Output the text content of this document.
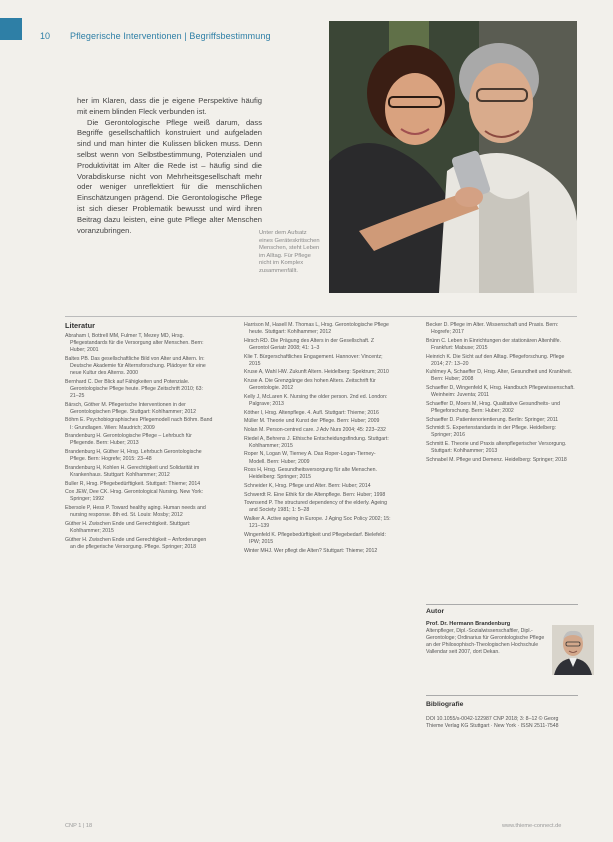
10 Pflegerische Interventionen | Begriffsbestimmung

her im Klaren, dass die je eigene Perspektive häufig mit einem blinden Fleck verbunden ist.

Die Gerontologische Pflege weiß darum, dass Begriffe gesellschaftlich konstruiert und aufgeladen sind und man hinter die Kulissen blicken muss. Denn selbst wenn von Selbstbestimmung, Potenzialen und Produktivität im Alter die Rede ist – häufig sind die Vorabdiskurse nicht von Mehrheitsgesellschaft mehr oder weniger unreflektiert für die menschlichen Einschätzungen prägend. Die Gerontologische Pflege ist sich dieser Problematik bewusst und wird ihren Beitrag dazu leisten, eine gute Pflege alter Menschen voranzubringen.	Unter dem Aufsatz eines Geräteskritischen Menschen, steht Leben im Alltag. Für Pflege nicht im Komplex zusammenfällt.
Literatur

Abraham I, Bottrell MM, Fulmer T, Mezey MD, Hrsg. Pflegestandards für die Versorgung alter Menschen. Bern: Huber; 2001

Baltes PB. Das gesellschaftliche Bild von Alter und Altern. In: Deutsche Akademie für Alternsforschung. Plädoyer für eine neue Kultur des Alterns. 2000

Bernhard C. Der Blick auf Fähigkeiten und Potenziale. Gerontologische Pflege heute. Pflege Zeitschrift 2010; 63: 21–25

Bärsch, Göther M. Pflegerische Interventionen in der Gerontologischen Pflege. Stuttgart: Kohlhammer; 2012

Böhm E. Psychobiographisches Pflegemodell nach Böhm. Band I: Grundlagen. Wien: Maudrich; 2009

Brandenburg H. Gerontologische Pflege – Lehrbuch für Pflegende. Bern: Huber; 2013

Brandenburg H, Güther H, Hrsg. Lehrbuch Gerontologische Pflege. Bern: Hogrefe; 2015: 23–48

Brandenburg H, Kohlen H. Gerechtigkeit und Solidarität im Krankenhaus. Stuttgart: Kohlhammer; 2012

Buller R, Hrsg. Pflegebedürftigkeit. Stuttgart: Thieme; 2014

Cox JEW, Dee CK. Hrsg. Gerontological Nursing. New York: Springer; 1992

Ebersole P, Hess P. Toward healthy aging. Human needs and nursing response. 8th ed. St. Louis: Mosby; 2012

Güther H. Zwischen Ende und Gerechtigkeit. Stuttgart: Kohlhammer; 2015

Güther H. Zwischen Ende und Gerechtigkeit – Anforderungen an die pflegerische Versorgung. Pflege. Springer; 2018

Harrison M, Hasell M. Thomas L, Hrsg. Gerontologische Pflege heute. Stuttgart: Kohlhammer; 2012

Hirsch RD. Die Prägung des Alters in der Gesellschaft. Z Gerontol Geriatr 2008; 41: 1–3

Klie T. Bürgerschaftliches Engagement. Hannover: Vincentz; 2015

Kruse A, Wahl HW. Zukunft Altern. Heidelberg: Spektrum; 2010

Kruse A. Die Grenzgänge des hohen Alters. Zeitschrift für Gerontologie. 2012

Kelly J, McLaren K. Nursing the older person. 2nd ed. London: Palgrave; 2013

Köther I, Hrsg. Altenpflege. 4. Aufl. Stuttgart: Thieme; 2016

Müller M. Theorie und Kunst der Pflege. Bern: Huber; 2009

Nolan M. Person-centred care. J Adv Nurs 2004; 45: 223–232

Riedel A, Behrens J. Ethische Entscheidungsfindung. Stuttgart: Kohlhammer; 2015

Roper N, Logan W, Tierney A. Das Roper-Logan-Tierney-Modell. Bern: Huber; 2009

Ross H, Hrsg. Gesundheitsversorgung für alte Menschen. Heidelberg: Springer; 2015

Schneider K, Hrsg. Pflege und Alter. Bern: Huber; 2014

Schwerdt R. Eine Ethik für die Altenpflege. Bern: Huber; 1998

Townsend P. The structured dependency of the elderly. Ageing and Society 1981; 1: 5–28

Walker A. Active ageing in Europe. J Aging Soc Policy 2002; 15: 121–139

Wingenfeld K. Pflegebedürftigkeit und Pflegebedarf. Bielefeld: IPW; 2015

Winter MHJ. Wer pflegt die Alten? Stuttgart: Thieme; 2012

Becker D. Pflege im Alter. Wissenschaft und Praxis. Bern: Hogrefe; 2017

Brünn C. Leben in Einrichtungen der stationären Altenhilfe. Frankfurt: Mabuse; 2015

Heinrich K. Die Sicht auf den Alltag. Pflegeforschung. Pflege 2014; 27: 13–20

Kuhlmey A, Schaeffer D, Hrsg. Alter, Gesundheit und Krankheit. Bern: Huber; 2008

Schaeffer D, Wingenfeld K, Hrsg. Handbuch Pflegewissenschaft. Weinheim: Juventa; 2011

Schaeffer D, Moers M, Hrsg. Qualitative Gesundheits- und Pflegeforschung. Bern: Huber; 2002

Schaeffer D. Patientenorientierung. Berlin: Springer; 2011

Schmidt S. Expertenstandards in der Pflege. Heidelberg: Springer; 2016

Schmitt E. Theorie und Praxis altenpflegerischer Versorgung. Stuttgart: Kohlhammer; 2013

Schnabel M. Pflege und Demenz. Heidelberg: Springer; 2018

Autor
Prof. Dr. Hermann Brandenburg
Altenpfleger, Dipl.-Sozialwissenschaftler, Dipl.-Gerontologe; Ordinarius für Gerontologische Pflege an der Philosophisch-Theologischen Hochschule Vallendar seit 2007, dort Dekan.
Bibliografie
DOI 10.1055/s-0042-122987 CNP 2018; 3: 8–12 © Georg Thieme Verlag KG Stuttgart · New York · ISSN 2511-7548
CNP 1 | 18	www.thieme-connect.de
